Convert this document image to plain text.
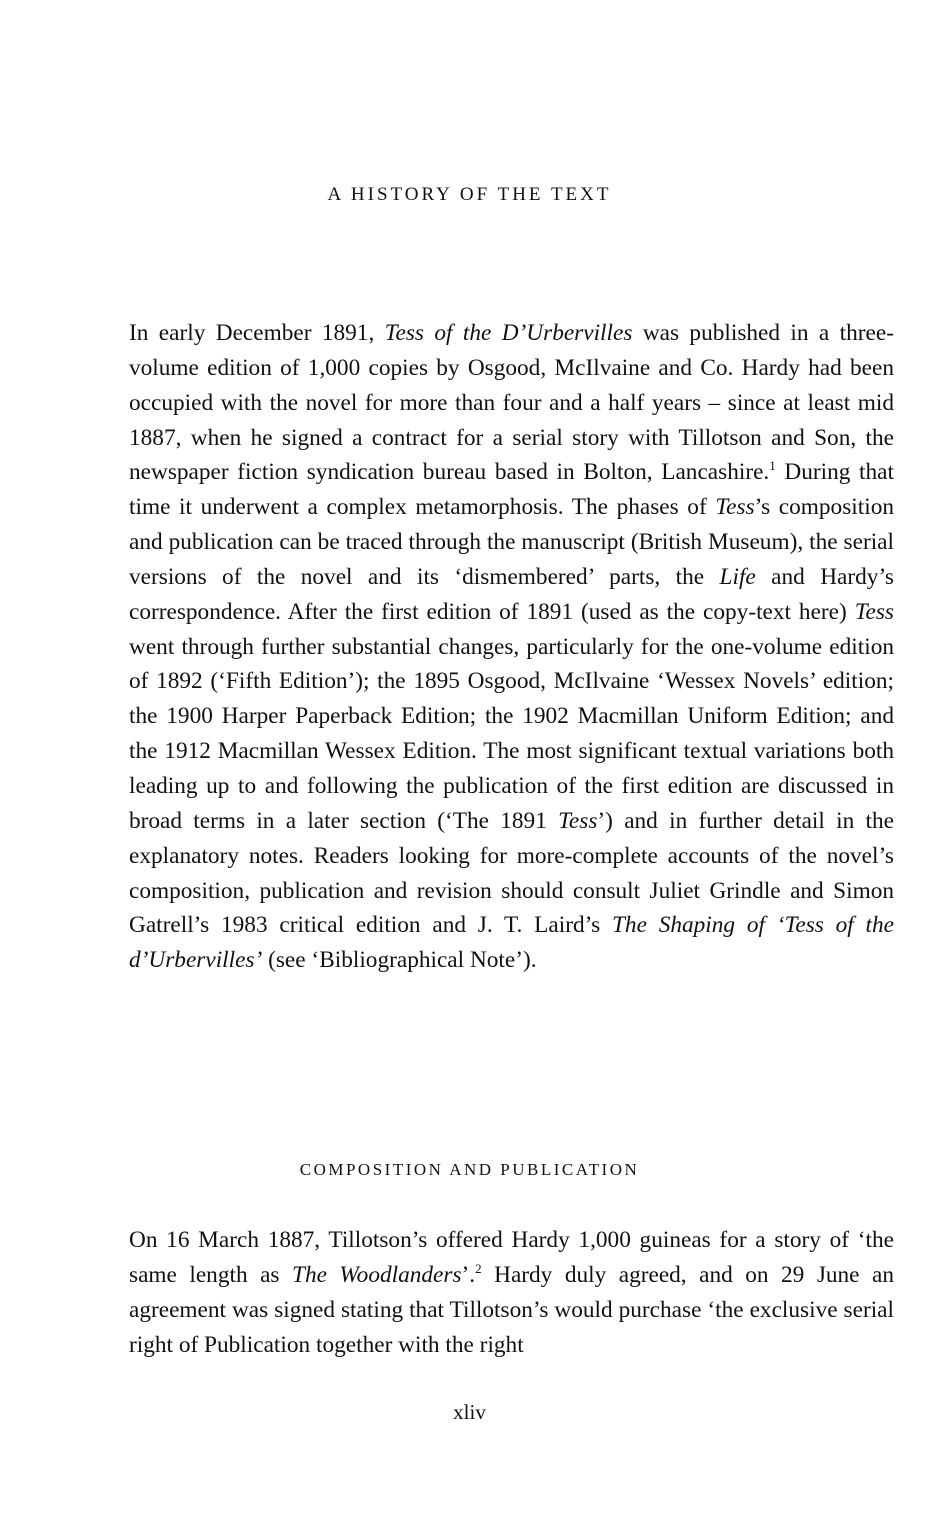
A HISTORY OF THE TEXT

In early December 1891, Tess of the D’Urbervilles was published in a three-volume edition of 1,000 copies by Osgood, McIlvaine and Co. Hardy had been occupied with the novel for more than four and a half years – since at least mid 1887, when he signed a contract for a serial story with Tillotson and Son, the newspaper fiction syndication bureau based in Bolton, Lancashire.$^1$ During that time it underwent a complex metamorphosis. The phases of Tess’s composition and publication can be traced through the manuscript (British Museum), the serial versions of the novel and its ‘dismembered’ parts, the Life and Hardy’s correspondence. After the first edition of 1891 (used as the copy-text here) Tess went through further substantial changes, particularly for the one-volume edition of 1892 (‘Fifth Edition’); the 1895 Osgood, McIlvaine ‘Wessex Novels’ edition; the 1900 Harper Paperback Edition; the 1902 Macmillan Uniform Edition; and the 1912 Macmillan Wessex Edition. The most significant textual variations both leading up to and following the publication of the first edition are discussed in broad terms in a later section (‘The 1891 Tess’) and in further detail in the explanatory notes. Readers looking for more-complete accounts of the novel’s composition, publication and revision should consult Juliet Grindle and Simon Gatrell’s 1983 critical edition and J. T. Laird’s The Shaping of ‘Tess of the d’Urbervilles’ (see ‘Bibliographical Note’).

COMPOSITION AND PUBLICATION

On 16 March 1887, Tillotson’s offered Hardy 1,000 guineas for a story of ‘the same length as The Woodlanders’.$^2$ Hardy duly agreed, and on 29 June an agreement was signed stating that Tillotson’s would purchase ‘the exclusive serial right of Publication together with the right

xliv
